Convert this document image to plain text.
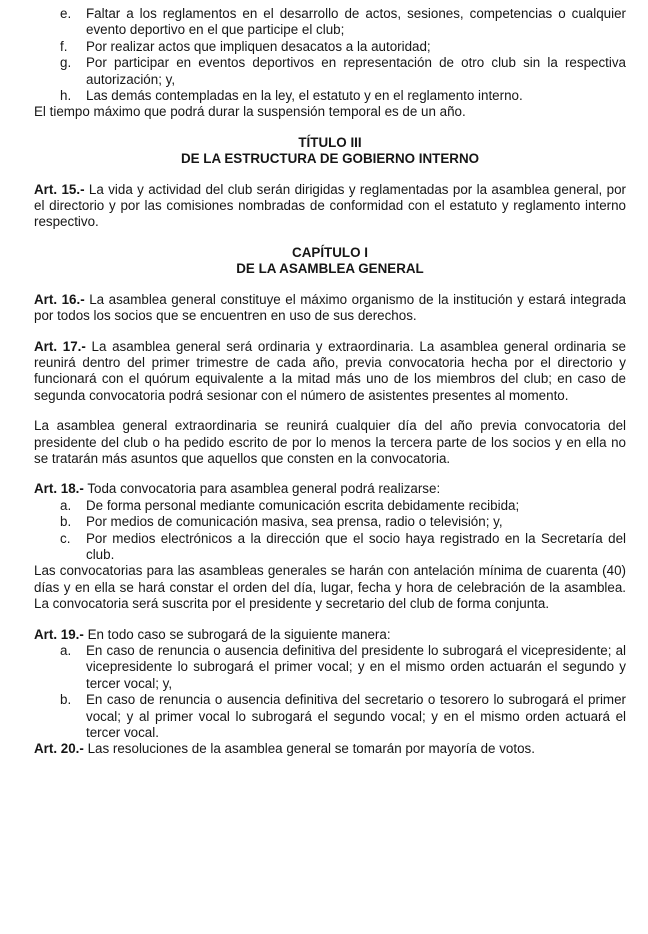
e. Faltar a los reglamentos en el desarrollo de actos, sesiones, competencias o cualquier evento deportivo en el que participe el club;
f. Por realizar actos que impliquen desacatos a la autoridad;
g. Por participar en eventos deportivos en representación de otro club sin la respectiva autorización; y,
h. Las demás contempladas en la ley, el estatuto y en el reglamento interno.

El tiempo máximo que podrá durar la suspensión temporal es de un año.

TÍTULO III
DE LA ESTRUCTURA DE GOBIERNO INTERNO

Art. 15.- La vida y actividad del club serán dirigidas y reglamentadas por la asamblea general, por el directorio y por las comisiones nombradas de conformidad con el estatuto y reglamento interno respectivo.

CAPÍTULO I
DE LA ASAMBLEA GENERAL

Art. 16.- La asamblea general constituye el máximo organismo de la institución y estará integrada por todos los socios que se encuentren en uso de sus derechos.

Art. 17.- La asamblea general será ordinaria y extraordinaria. La asamblea general ordinaria se reunirá dentro del primer trimestre de cada año, previa convocatoria hecha por el directorio y funcionará con el quórum equivalente a la mitad más uno de los miembros del club; en caso de segunda convocatoria podrá sesionar con el número de asistentes presentes al momento.

La asamblea general extraordinaria se reunirá cualquier día del año previa convocatoria del presidente del club o ha pedido escrito de por lo menos la tercera parte de los socios y en ella no se tratarán más asuntos que aquellos que consten en la convocatoria.

Art. 18.- Toda convocatoria para asamblea general podrá realizarse:

a. De forma personal mediante comunicación escrita debidamente recibida;
b. Por medios de comunicación masiva, sea prensa, radio o televisión; y,
c. Por medios electrónicos a la dirección que el socio haya registrado en la Secretaría del club.

Las convocatorias para las asambleas generales se harán con antelación mínima de cuarenta (40) días y en ella se hará constar el orden del día, lugar, fecha y hora de celebración de la asamblea. La convocatoria será suscrita por el presidente y secretario del club de forma conjunta.

Art. 19.- En todo caso se subrogará de la siguiente manera:

a. En caso de renuncia o ausencia definitiva del presidente lo subrogará el vicepresidente; al vicepresidente lo subrogará el primer vocal; y en el mismo orden actuarán el segundo y tercer vocal; y,
b. En caso de renuncia o ausencia definitiva del secretario o tesorero lo subrogará el primer vocal; y al primer vocal lo subrogará el segundo vocal; y en el mismo orden actuará el tercer vocal.

Art. 20.- Las resoluciones de la asamblea general se tomarán por mayoría de votos.
